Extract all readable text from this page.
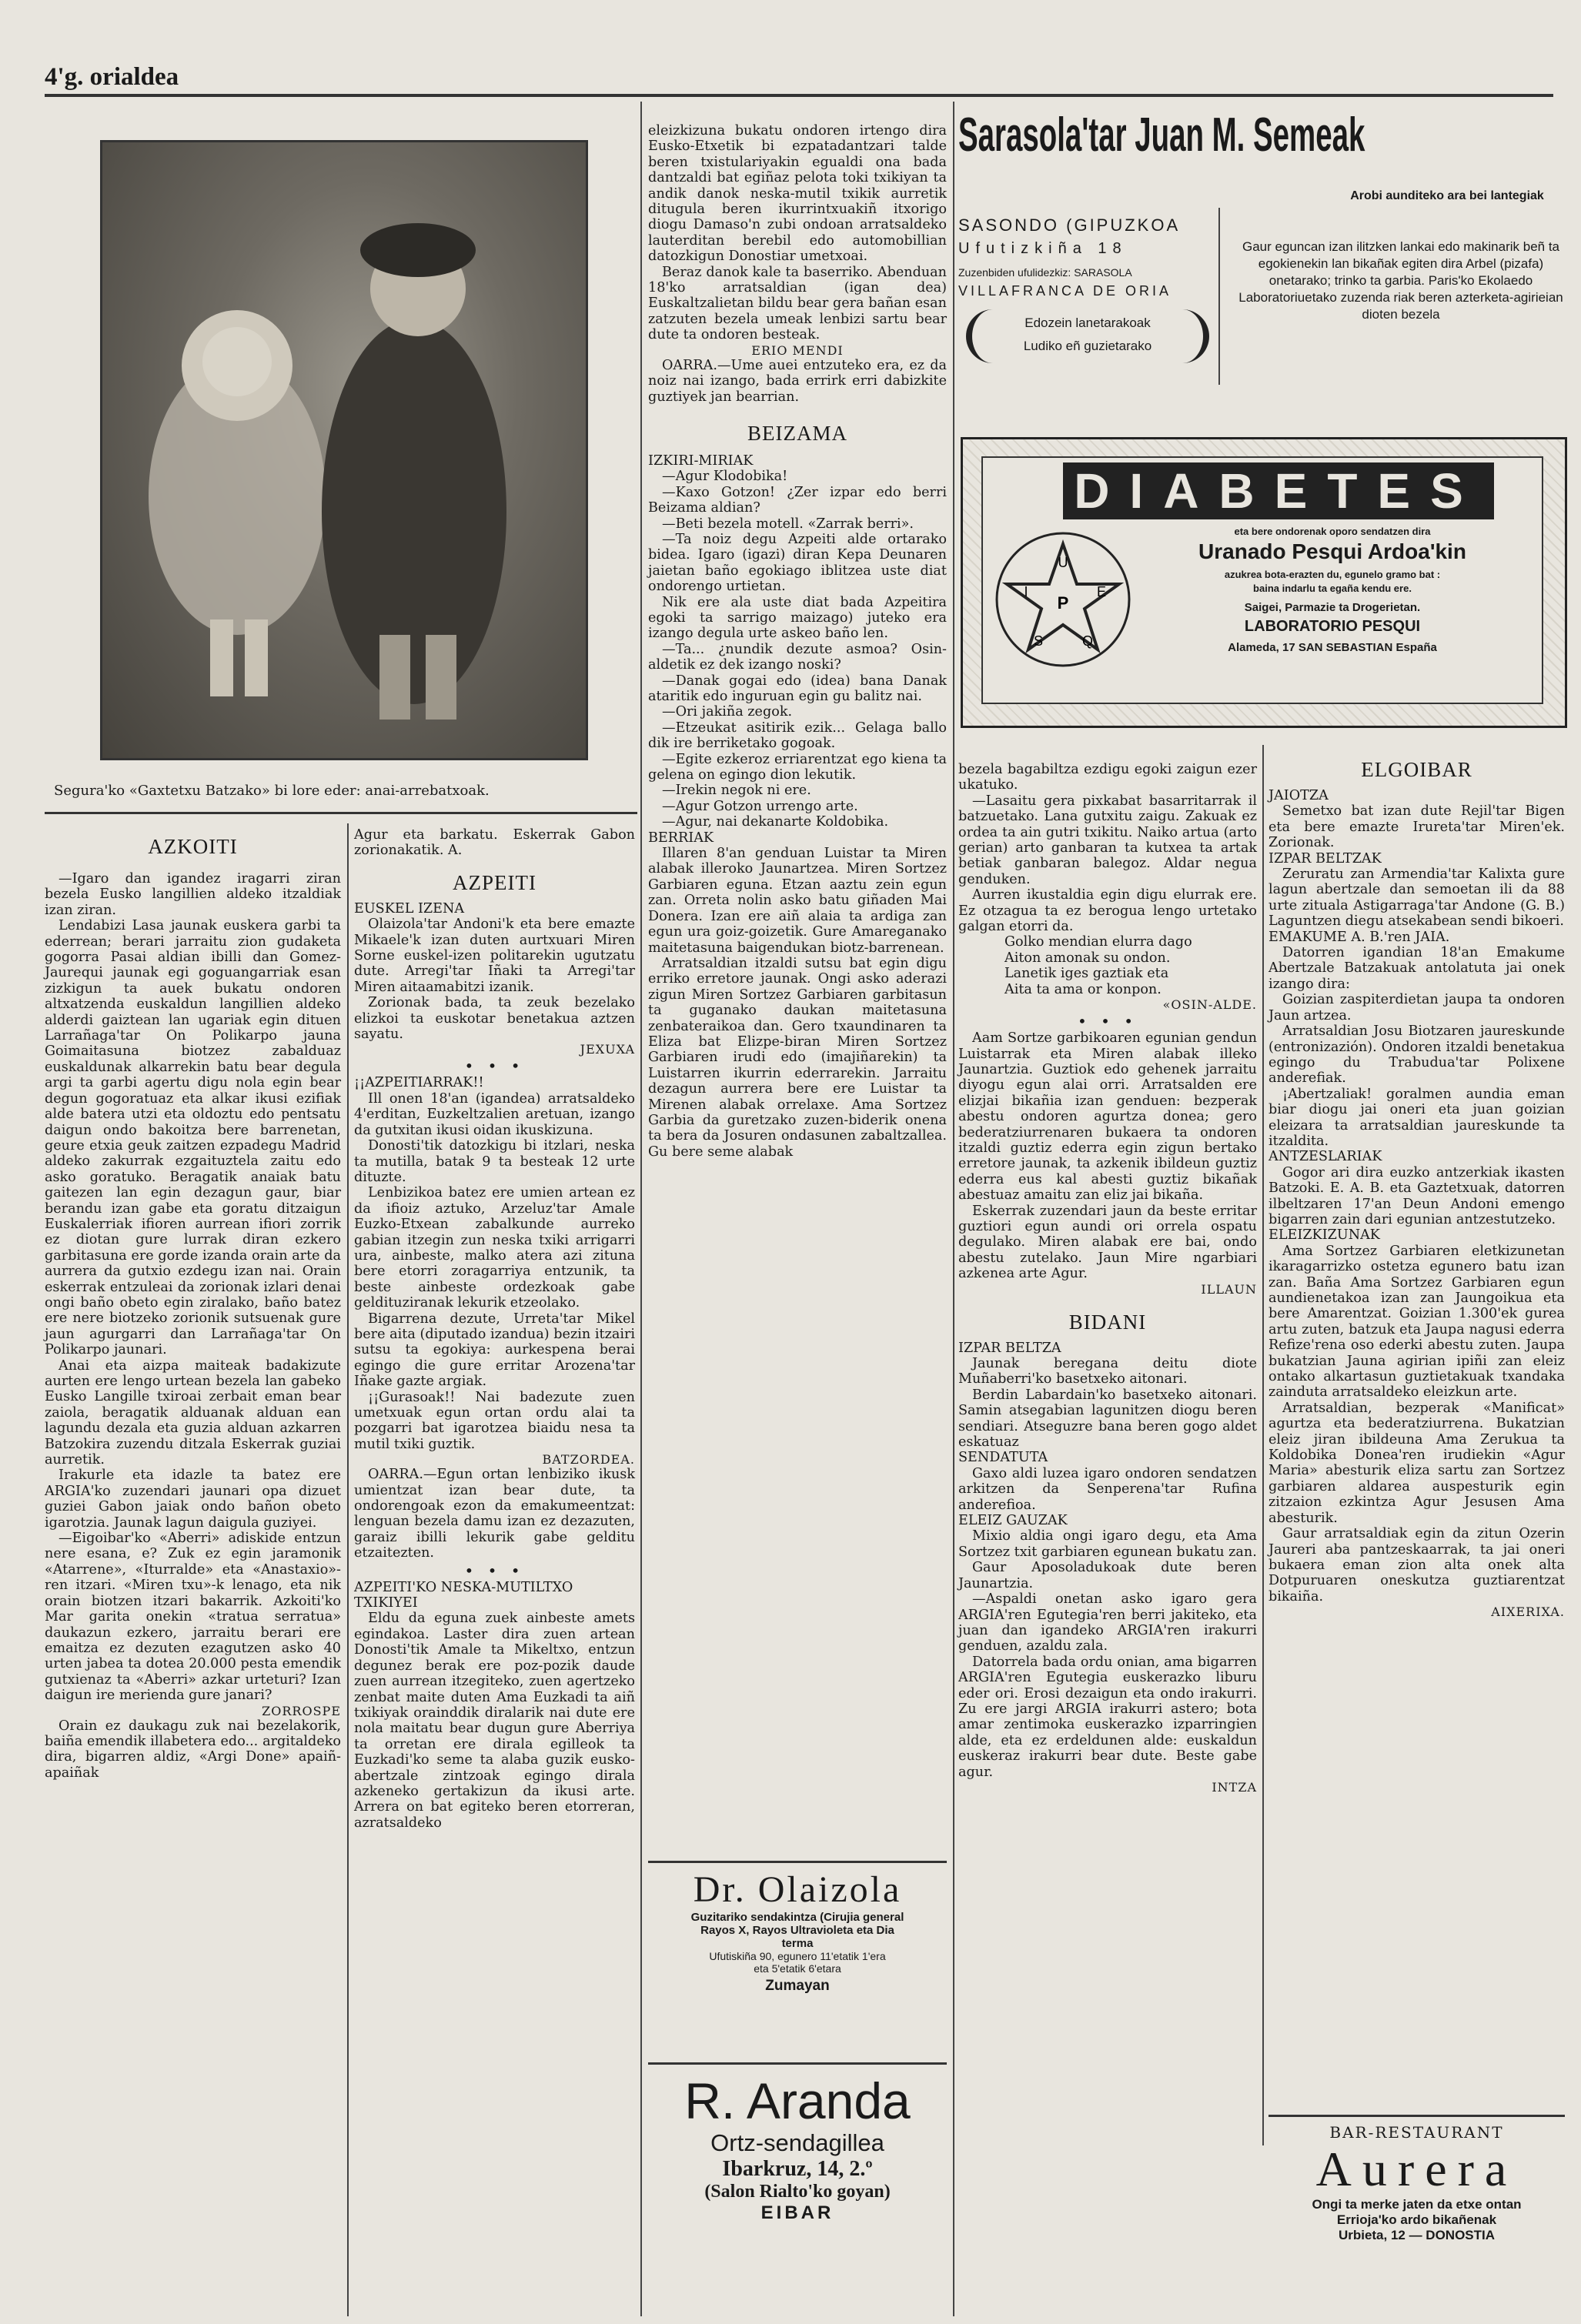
4'g. orialdea
Segura'ko «Gaxtetxu Batzako» bi lore eder: anai-arrebatxoak.
AZKOITI

—Igaro dan igandez iragarri ziran bezela Eusko langillien aldeko itzaldiak izan ziran.

Lendabizi Lasa jaunak euskera garbi ta ederrean; berari jarraitu zion gudaketa gogorra Pasai aldian ibilli dan Gomez-Jaurequi jaunak egi goguangarriak esan zizkigun ta auek bukatu ondoren altxatzenda euskaldun langillien aldeko alderdi gaiztean lan ugariak egin dituen Larrañaga'tar On Polikarpo jauna Goimaitasuna biotzez zabalduaz euskaldunak alkarrekin batu bear degula argi ta garbi agertu digu nola egin bear degun gogoratuaz eta alkar ikusi ezifiak alde batera utzi eta oldoztu edo pentsatu daigun ondo bakoitza bere barrenetan, geure etxia geuk zaitzen ezpadegu Madrid aldeko zakurrak ezgaituztela zaitu edo asko goratuko. Beragatik anaiak batu gaitezen lan egin dezagun gaur, biar berandu izan gabe eta goratu ditzaigun Euskalerriak ifioren aurrean ifiori zorrik ez diotan gure lurrak diran ezkero garbitasuna ere gorde izanda orain arte da aurrera da gutxio ezdegu izan nai. Orain eskerrak entzuleai da zorionak izlari denai ongi baño obeto egin ziralako, baño batez ere nere biotzeko zorionik sutsuenak gure jaun agurgarri dan Larrañaga'tar On Polikarpo jaunari.

Anai eta aizpa maiteak badakizute aurten ere lengo urtean bezela lan gabeko Eusko Langille txiroai zerbait eman bear zaiola, beragatik alduanak alduan ean lagundu dezala eta guzia alduan azkarren Batzokira zuzendu ditzala Eskerrak guziai aurretik.

Irakurle eta idazle ta batez ere ARGIA'ko zuzendari jaunari opa dizuet guziei Gabon jaiak ondo bañon obeto igarotzia. Jaunak lagun daigula guziyei.

—Eigoibar'ko «Aberri» adiskide entzun nere esana, e? Zuk ez egin jaramonik «Atarrene», «Iturralde» eta «Anastaxio»-ren itzari. «Miren txu»-k lenago, eta nik orain biotzen itzari bakarrik. Azkoiti'ko Mar garita onekin «tratua serratua» daukazun ezkero, jarraitu berari ere emaitza ez dezuten ezagutzen asko 40 urten jabea ta dotea 20.000 pesta emendik gutxienaz ta «Aberri» azkar urteturi? Izan daigun ire merienda gure janari?

ZORROSPE

Orain ez daukagu zuk nai bezelakorik, baiña emendik illabetera edo... argitaldeko dira, bigarren aldiz, «Argi Done» apaiñ-apaiñak

Agur eta barkatu. Eskerrak Gabon zorionakatik. A.
AZPEITI
EUSKEL IZENA

Olaizola'tar Andoni'k eta bere emazte Mikaele'k izan duten aurtxuari Miren Sorne euskel-izen politarekin ugutzatu dute. Arregi'tar Iñaki ta Arregi'tar Miren aitaamabitzi izanik.

Zorionak bada, ta zeuk bezelako elizkoi ta euskotar benetakua aztzen sayatu.

JEXUXA
• • •
¡¡AZPEITIARRAK!!

Ill onen 18'an (igandea) arratsaldeko 4'erditan, Euzkeltzalien aretuan, izango da gutxitan ikusi oidan ikuskizuna.

Donosti'tik datozkigu bi itzlari, neska ta mutilla, batak 9 ta besteak 12 urte dituzte.

Lenbizikoa batez ere umien artean ez da ifioiz aztuko, Arzeluz'tar Amale Euzko-Etxean zabalkunde aurreko gabian itzegin zun neska txiki arrigarri ura, ainbeste, malko atera azi zituna bere etorri zoragarriya entzunik, ta beste ainbeste ordezkoak gabe geldituziranak lekurik etzeolako.

Bigarrena dezute, Urreta'tar Mikel bere aita (diputado izandua) bezin itzairi sutsu ta egokiya: aurkespena berai egingo die gure erritar Arozena'tar Iñake gazte argiak.

¡¡Gurasoak!! Nai badezute zuen umetxuak egun ortan ordu alai ta pozgarri bat igarotzea biaidu nesa ta mutil txiki guztik.

BATZORDEA.

OARRA.—Egun ortan lenbiziko ikusk umientzat izan bear dute, ta ondorengoak ezon da emakumeentzat: lenguan bezela damu izan ez dezazuten, garaiz ibilli lekurik gabe gelditu etzaitezten.

• • •
AZPEITI'KO NESKA-MUTILTXO TXIKIYEI

Eldu da eguna zuek ainbeste amets egindakoa. Laster dira zuen artean Donosti'tik Amale ta Mikeltxo, entzun degunez berak ere poz-pozik daude zuen aurrean itzegiteko, zuen agertzeko zenbat maite duten Ama Euzkadi ta aiñ txikiyak orainddik diralarik nai dute ere nola maitatu bear dugun gure Aberriya ta orretan ere dirala egilleok ta Euzkadi'ko seme ta alaba guzik eusko-abertzale zintzoak egingo dirala azkeneko gertakizun da ikusi arte. Arrera on bat egiteko beren etorreran, azratsaldeko

eleizkizuna bukatu ondoren irtengo dira Eusko-Etxetik bi ezpatadantzari talde beren txistulariyakin egualdi ona bada dantzaldi bat egiñaz pelota toki txikiyan ta andik danok neska-mutil txikik aurretik ditugula beren ikurrintxuakiñ itxorigo diogu Damaso'n zubi ondoan arratsaldeko lauterditan berebil edo automobillian datozkigun Donostiar umetxoai.

Beraz danok kale ta baserriko. Abenduan 18'ko arratsaldian (igan dea) Euskaltzalietan bildu bear gera bañan esan zatzuten bezela umeak lenbizi sartu bear dute ta ondoren besteak.

ERIO MENDI

OARRA.—Ume auei entzuteko era, ez da noiz nai izango, bada errirk erri dabizkite guztiyek jan bearrian.

BEIZAMA
IZKIRI-MIRIAK

—Agur Klodobika!

—Kaxo Gotzon! ¿Zer izpar edo berri Beizama aldian?

—Beti bezela motell. «Zarrak berri».

—Ta noiz degu Azpeiti alde ortarako bidea. Igaro (igazi) diran Kepa Deunaren jaietan baño egokiago iblitzea uste diat ondorengo urtietan.

Nik ere ala uste diat bada Azpeitira egoki ta sarrigo maizago) juteko era izango degula urte askeo baño len.

—Ta... ¿nundik dezute asmoa? Osin-aldetik ez dek izango noski?

—Danak gogai edo (idea) bana Danak ataritik edo inguruan egin gu balitz nai.

—Ori jakiña zegok.

—Etzeukat asitirik ezik... Gelaga ballo dik ire berriketako gogoak.

—Egite ezkeroz erriarentzat ego kiena ta gelena on egingo dion lekutik.

—Irekin negok ni ere.

—Agur Gotzon urrengo arte.

—Agur, nai dekanarte Koldobika.

BERRIAK

Illaren 8'an genduan Luistar ta Miren alabak illeroko Jaunartzea. Miren Sortzez Garbiaren eguna. Etzan aaztu zein egun zan. Orreta nolin asko batu giñaden Mai Donera. Izan ere aiñ alaia ta ardiga zan egun ura goiz-goizetik. Gure Amareganako maitetasuna baigendukan biotz-barrenean.

Arratsaldian itzaldi sutsu bat egin digu erriko erretore jaunak. Ongi asko aderazi zigun Miren Sortzez Garbiaren garbitasun ta guganako daukan maitetasuna zenbateraikoa dan. Gero txaundinaren ta Eliza bat Elizpe-biran Miren Sortzez Garbiaren irudi edo (imajiñarekin) ta Luistarren ikurrin ederrarekin. Jarraitu dezagun aurrera bere ere Luistar ta Mirenen alabak orrelaxe. Ama Sortzez Garbia da guretzako zuzen-biderik onena ta bera da Josuren ondasunen zabaltzallea. Gu bere seme alabak

Dr. Olaizola
Guzitariko sendakintza (Cirujia general
Rayos X, Rayos Ultravioleta eta Dia
terma
Ufutiskiña 90, egunero 11'etatik 1'era
eta 5'etatik 6'etara
Zumayan
R. Aranda
Ortz-sendagillea
Ibarkruz, 14, 2.º
(Salon Rialto'ko goyan)
EIBAR
Sarasola'tar Juan M. Semeak
Arobi aunditeko ara bei lantegiak
SASONDO (GIPUZKOA
Ufutizkiña 18
Zuzenbiden ufulidezkiz: SARASOLA
VILLAFRANCA DE ORIA
Edozein lanetarakoak
Ludiko eñ guzietarako
Gaur eguncan izan ilitzken lankai edo makinarik beñ ta egokienekin lan bikañak egiten dira Arbel (pizafa) onetarako; trinko ta garbia. Paris'ko Ekolaedo Laboratoriuetako zuzenda riak beren azterketa-agirieian dioten bezela
DIABETES
U
I	E
S	Q
P
eta bere ondorenak oporo sendatzen dira
Uranado Pesqui Ardoa'kin
azukrea bota-erazten du, egunelo gramo bat :
baina indarlu ta egaña kendu ere.
Saigei, Parmazie ta Drogerietan.
LABORATORIO PESQUI
Alameda, 17 SAN SEBASTIAN España

bezela bagabiltza ezdigu egoki zaigun ezer ukatuko.

—Lasaitu gera pixkabat basarritarrak il batzuetako. Lana gutxitu zaigu. Zakuak ez ordea ta ain gutri txikitu. Naiko artua (arto gerian) arto ganbaran ta kutxea ta artak betiak ganbaran balegoz. Aldar negua genduken.

Aurren ikustaldia egin digu elurrak ere. Ez otzagua ta ez berogua lengo urtetako galgan etorri da.

Golko mendian elurra dago

Aiton amonak su ondon.

Lanetik iges gaztiak eta

Aita ta ama or konpon.

«OSIN-ALDE.
• • •

Aam Sortze garbikoaren egunian gendun Luistarrak eta Miren alabak illeko Jaunartzia. Guztiok edo gehenek jarraitu diyogu egun alai orri. Arratsalden ere elizjai bikañia izan genduen: bezperak abestu ondoren agurtza donea; gero bederatziurrenaren bukaera ta ondoren itzaldi guztiz ederra egin zigun bertako erretore jaunak, ta azkenik ibildeun guztiz ederra eus kal abesti guztiz bikañak abestuaz amaitu zan eliz jai bikaña.

Eskerrak zuzendari jaun da beste erritar guztiori egun aundi ori orrela ospatu degulako. Miren alabak ere bai, ondo abestu zutelako. Jaun Mire ngarbiari azkenea arte Agur.

ILLAUN
BIDANI
IZPAR BELTZA

Jaunak beregana deitu diote Muñaberri'ko basetxeko aitonari.

Berdin Labardain'ko basetxeko aitonari. Samin atsegabian lagunitzen diogu beren sendiari. Atseguzre bana beren gogo aldet eskatuaz

SENDATUTA

Gaxo aldi luzea igaro ondoren sendatzen arkitzen da Senperena'tar Rufina anderefioa.

ELEIZ GAUZAK

Mixio aldia ongi igaro degu, eta Ama Sortzez txit garbiaren egunean bukatu zan.

Gaur Aposoladukoak dute beren Jaunartzia.

—Aspaldi onetan asko igaro gera ARGIA'ren Egutegia'ren berri jakiteko, eta juan dan igandeko ARGIA'ren irakurri genduen, azaldu zala.

Datorrela bada ordu onian, ama bigarren ARGIA'ren Egutegia euskerazko liburu eder ori. Erosi dezaigun eta ondo irakurri. Zu ere jargi ARGIA irakurri astero; bota amar zentimoka euskerazko izparringien alde, eta ez erdeldunen alde: euskaldun euskeraz irakurri bear dute. Beste gabe agur.

INTZA
ELGOIBAR
JAIOTZA

Semetxo bat izan dute Rejil'tar Bigen eta bere emazte Irureta'tar Miren'ek. Zorionak.

IZPAR BELTZAK

Zeruratu zan Armendia'tar Kalixta gure lagun abertzale dan semoetan ili da 88 urte zituala Astigarraga'tar Andone (G. B.) Laguntzen diegu atsekabean sendi bikoeri.

EMAKUME A. B.'ren JAIA.

Datorren igandian 18'an Emakume Abertzale Batzakuak antolatuta jai onek izango dira:

Goizian zaspiterdietan jaupa ta ondoren Jaun artzea.

Arratsaldian Josu Biotzaren jaureskunde (entronizazión). Ondoren itzaldi benetakua egingo du Trabudua'tar Polixene anderefiak.

¡Abertzaliak! goralmen aundia eman biar diogu jai oneri eta juan goizian eleizara ta arratsaldian jaureskunde ta itzaldita.

ANTZESLARIAK

Gogor ari dira euzko antzerkiak ikasten Batzoki. E. A. B. eta Gaztetxuak, datorren ilbeltzaren 17'an Deun Andoni emengo bigarren zain dari egunian antzestutzeko.

ELEIZKIZUNAK

Ama Sortzez Garbiaren eletkizunetan ikaragarrizko ostetza egunero batu izan zan. Baña Ama Sortzez Garbiaren egun aundienetakoa izan zan Jaungoikua eta bere Amarentzat. Goizian 1.300'ek gurea artu zuten, batzuk eta Jaupa nagusi ederra Refize'rena oso ederki abestu zuten. Jaupa bukatzian Jauna agirian ipiñi zan eleiz ontako alkartasun guztietakuak txandaka zainduta arratsaldeko eleizkun arte.

Arratsaldian, bezperak «Manificat» agurtza eta bederatziurrena. Bukatzian eleiz jiran ibildeuna Ama Zerukua ta Koldobika Donea'ren irudiekin «Agur Maria» abesturik eliza sartu zan Sortzez garbiaren aldarea auspesturik egin zitzaion ezkintza Agur Jesusen Ama abesturik.

Gaur arratsaldiak egin da zitun Ozerin Jaureri aba pantzeskaarrak, ta jai oneri bukaera eman zion alta onek alta Dotpuruaren oneskutza guztiarentzat bikaiña.

AIXERIXA.
BAR-RESTAURANT
Aurera
Ongi ta merke jaten da etxe ontan
Errioja'ko ardo bikañenak
Urbieta, 12 — DONOSTIA
